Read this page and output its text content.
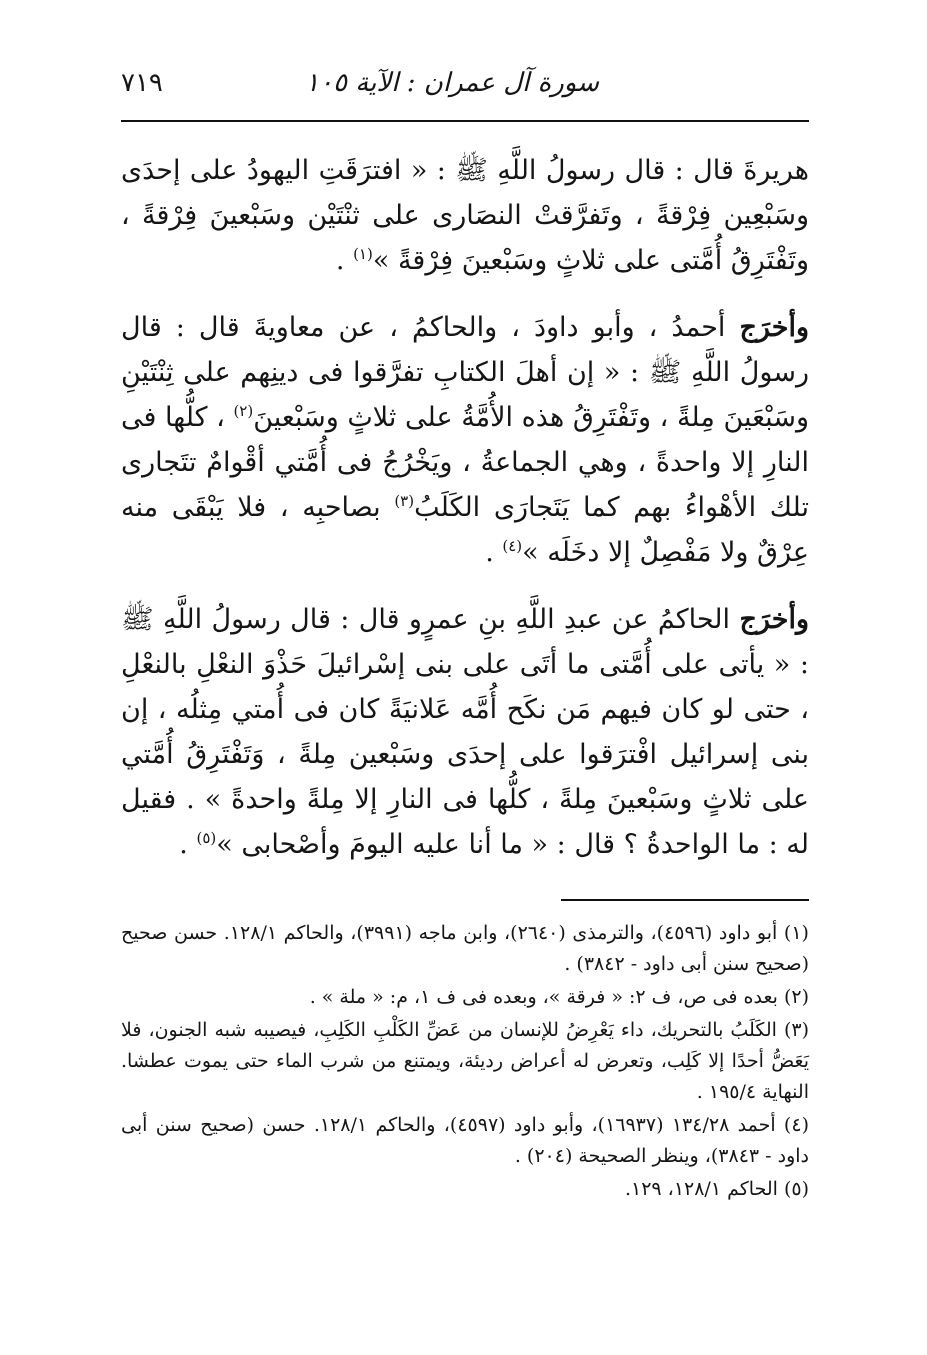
سورة آل عمران : الآية ١٠٥
٧١٩

هريرةَ قال : قال رسولُ اللَّهِ ﷺ : « افترَقَتِ اليهودُ على إحدَى وسَبْعِين فِرْقةً ، وتَفرَّقتْ النصَارى على ثنْتَيْن وسَبْعينَ فِرْقةً ، وتَفْتَرِقُ أُمَّتى على ثلاثٍ وسَبْعينَ فِرْقةً »$^{(١)}$ .

وأخرَج أحمدُ ، وأبو داودَ ، والحاكمُ ، عن معاويةَ قال : قال رسولُ اللَّهِ ﷺ : « إن أهلَ الكتابِ تفرَّقوا فى دينِهم على ثِنْتَيْنِ وسَبْعَينَ مِلةً ، وتَفْتَرِقُ هذه الأُمَّةُ على ثلاثٍ وسَبْعينَ$^{(٢)}$ ، كلُّها فى النارِ إلا واحدةً ، وهي الجماعةُ ، ويَخْرُجُ فى أُمَّتي أقْوامٌ تتَجارى تلك الأهْواءُ بهم كما يَتَجارَى الكَلَبُ$^{(٣)}$ بصاحبِه ، فلا يَبْقَى منه عِرْقٌ ولا مَفْصِلٌ إلا دخَلَه »$^{(٤)}$ .

وأخرَج الحاكمُ عن عبدِ اللَّهِ بنِ عمرٍو قال : قال رسولُ اللَّهِ ﷺ : « يأتى على أُمَّتى ما أتَى على بنى إسْرائيلَ حَذْوَ النعْلِ بالنعْلِ ، حتى لو كان فيهم مَن نكَح أُمَّه عَلانيَةً كان فى أُمتي مِثلُه ، إن بنى إسرائيل افْترَقوا على إحدَى وسَبْعين مِلةً ، وَتَفْتَرِقُ أُمَّتي على ثلاثٍ وسَبْعينَ مِلةً ، كلُّها فى النارِ إلا مِلةً واحدةً » . فقيل له : ما الواحدةُ ؟ قال : « ما أنا عليه اليومَ وأصْحابى »$^{(٥)}$ .

(١) أبو داود (٤٥٩٦)، والترمذى (٢٦٤٠)، وابن ماجه (٣٩٩١)، والحاكم ١٢٨/١. حسن صحيح (صحيح سنن أبى داود - ٣٨٤٢) .

(٢) بعده فى ص، ف ٢: « فرقة »، وبعده فى ف ١، م: « ملة » .

(٣) الكَلَبُ بالتحريك، داء يَعْرِضُ للإنسان من عَضِّ الكَلْبِ الكَلِبِ، فيصيبه شبه الجنون، فلا يَعَضُّ أحدًا إلا كَلِب، وتعرض له أعراض رديئة، ويمتنع من شرب الماء حتى يموت عطشا. النهاية ١٩٥/٤ .

(٤) أحمد ١٣٤/٢٨ (١٦٩٣٧)، وأبو داود (٤٥٩٧)، والحاكم ١٢٨/١. حسن (صحيح سنن أبى داود - ٣٨٤٣)، وينظر الصحيحة (٢٠٤) .

(٥) الحاكم ١٢٨/١، ١٢٩.
